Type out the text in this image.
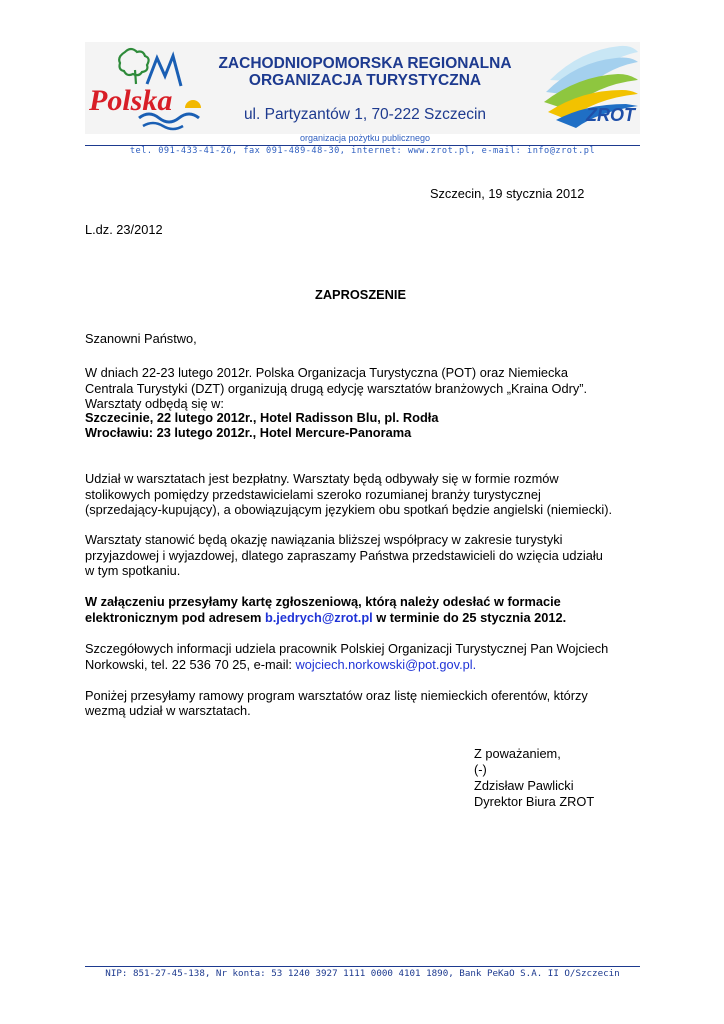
Polska	ZROT
ZACHODNIOPOMORSKA REGIONALNA
ORGANIZACJA TURYSTYCZNA
ul. Partyzantów 1, 70-222 Szczecin
organizacja pożytku publicznego
tel. 091-433-41-26, fax 091-489-48-30, internet: www.zrot.pl, e-mail: info@zrot.pl
Szczecin, 19 stycznia 2012
L.dz. 23/2012
ZAPROSZENIE
Szanowni Państwo,
W dniach 22-23 lutego 2012r. Polska Organizacja Turystyczna (POT) oraz Niemiecka
Centrala Turystyki (DZT) organizują drugą edycję warsztatów branżowych „Kraina Odry”.
Warsztaty odbędą się w:
Szczecinie, 22 lutego 2012r., Hotel Radisson Blu, pl. Rodła
Wrocławiu: 23 lutego 2012r., Hotel Mercure-Panorama
Udział w warsztatach jest bezpłatny. Warsztaty będą odbywały się w formie rozmów
stolikowych pomiędzy przedstawicielami szeroko rozumianej branży turystycznej
(sprzedający-kupujący), a obowiązującym językiem obu spotkań będzie angielski (niemiecki).
Warsztaty stanowić będą okazję nawiązania bliższej współpracy w zakresie turystyki
przyjazdowej i wyjazdowej, dlatego zapraszamy Państwa przedstawicieli do wzięcia udziału
w tym spotkaniu.
W załączeniu przesyłamy kartę zgłoszeniową, którą należy odesłać w formacie
elektronicznym pod adresem b.jedrych@zrot.pl w terminie do 25 stycznia 2012.
Szczegółowych informacji udziela pracownik Polskiej Organizacji Turystycznej Pan Wojciech
Norkowski, tel. 22 536 70 25, e-mail: wojciech.norkowski@pot.gov.pl.
Poniżej przesyłamy ramowy program warsztatów oraz listę niemieckich oferentów, którzy
wezmą udział w warsztatach.
Z poważaniem,
(-)
Zdzisław Pawlicki
Dyrektor Biura ZROT
NIP: 851-27-45-138, Nr konta: 53 1240 3927 1111 0000 4101 1890, Bank PeKaO S.A. II O/Szczecin
